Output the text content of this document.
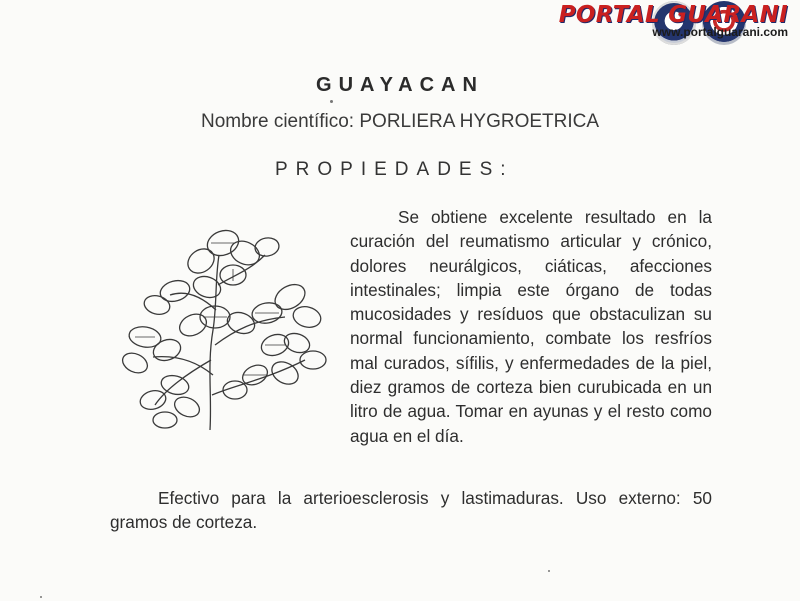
PORTAL GUARANI
www.portalguarani.com
GUAYACAN
Nombre científico: PORLIERA HYGROETRICA
PROPIEDADES:

Se obtiene excelente resultado en la curación del reumatismo articular y crónico, dolores neurálgicos, ciáticas, afecciones intestinales; limpia este órgano de todas mucosidades y resíduos que obstaculizan su normal funcionamiento, combate los resfríos mal curados, sífilis, y enfermedades de la piel, diez gramos de corteza bien curubicada en un litro de agua. Tomar en ayunas y el resto como agua en el día.

Efectivo para la arterioesclerosis y lastimaduras. Uso externo: 50 gramos de corteza.
